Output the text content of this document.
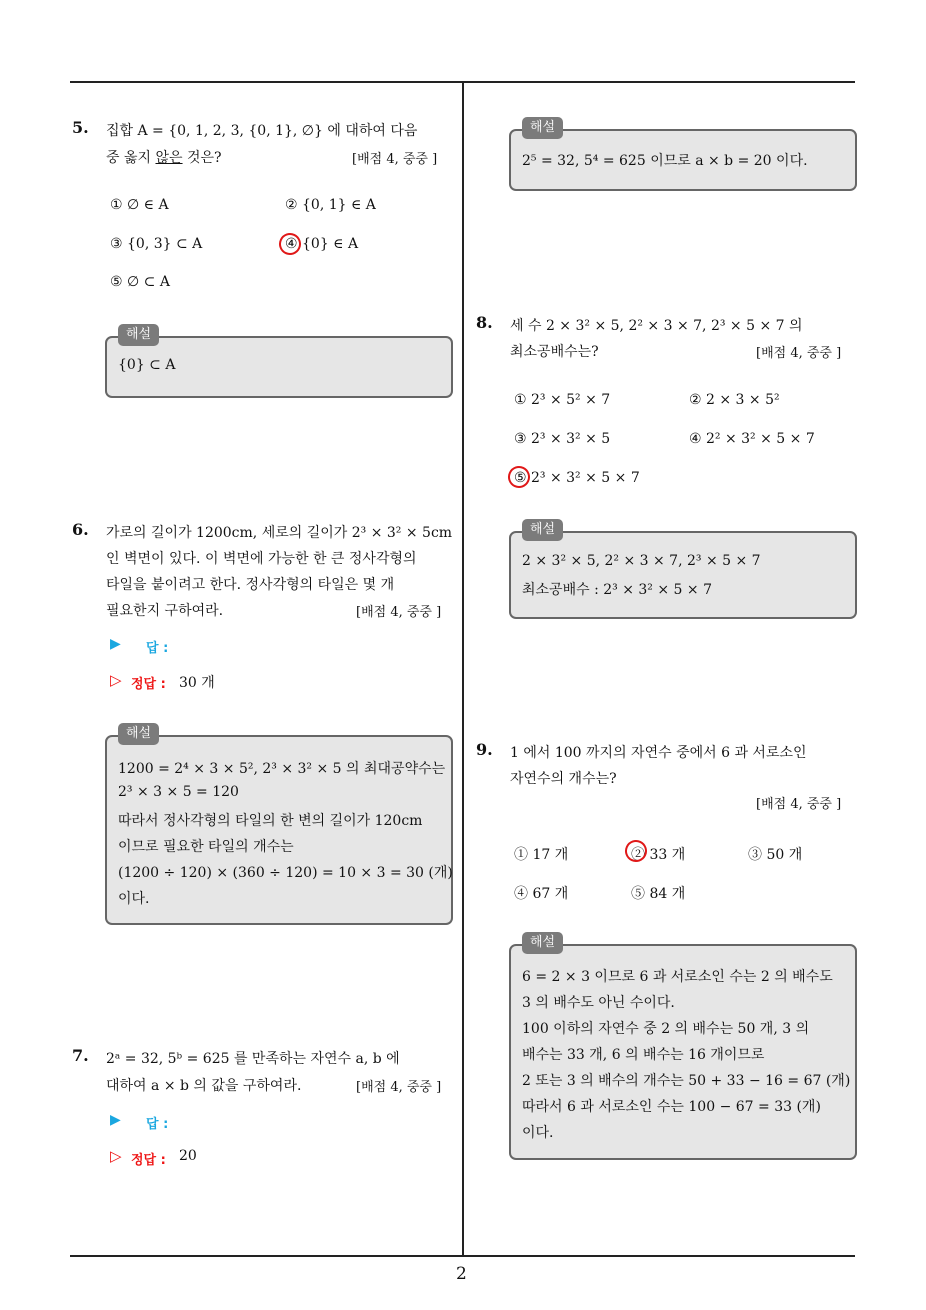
2
5. 집합 A = {0, 1, 2, 3, {0, 1}, ∅} 에 대하여 다음
중 옳지 않은 것은?	[배점 4, 중중 ]
① ∅ ∈ A	② {0, 1} ∈ A
③ {0, 3} ⊂ A	④ {0} ∈ A
⑤ ∅ ⊂ A
해설
{0} ⊂ A
6. 가로의 길이가 1200cm, 세로의 길이가 2³ × 3² × 5cm
인 벽면이 있다. 이 벽면에 가능한 한 큰 정사각형의
타일을 붙이려고 한다. 정사각형의 타일은 몇 개
필요한지 구하여라.	[배점 4, 중중 ]
▶ 답 :
▷ 정답 : 30 개
해설
1200 = 2⁴ × 3 × 5², 2³ × 3² × 5 의 최대공약수는
2³ × 3 × 5 = 120
따라서 정사각형의 타일의 한 변의 길이가 120cm
이므로 필요한 타일의 개수는
(1200 ÷ 120) × (360 ÷ 120) = 10 × 3 = 30 (개)
이다.
7. 2ᵃ = 32, 5ᵇ = 625 를 만족하는 자연수 a, b 에
대하여 a × b 의 값을 구하여라.	[배점 4, 중중 ]
▶ 답 :
▷ 정답 : 20
해설
2⁵ = 32, 5⁴ = 625 이므로 a × b = 20 이다.
8. 세 수 2 × 3² × 5, 2² × 3 × 7, 2³ × 5 × 7 의
최소공배수는?	[배점 4, 중중 ]
① 2³ × 5² × 7	② 2 × 3 × 5²
③ 2³ × 3² × 5	④ 2² × 3² × 5 × 7
⑤ 2³ × 3² × 5 × 7
해설
2 × 3² × 5, 2² × 3 × 7, 2³ × 5 × 7
최소공배수 : 2³ × 3² × 5 × 7
9. 1 에서 100 까지의 자연수 중에서 6 과 서로소인
자연수의 개수는?
[배점 4, 중중 ]
① 17 개	② 33 개	③ 50 개
④ 67 개	⑤ 84 개
해설
6 = 2 × 3 이므로 6 과 서로소인 수는 2 의 배수도
3 의 배수도 아닌 수이다.
100 이하의 자연수 중 2 의 배수는 50 개, 3 의
배수는 33 개, 6 의 배수는 16 개이므로
2 또는 3 의 배수의 개수는 50 + 33 − 16 = 67 (개)
따라서 6 과 서로소인 수는 100 − 67 = 33 (개)
이다.
